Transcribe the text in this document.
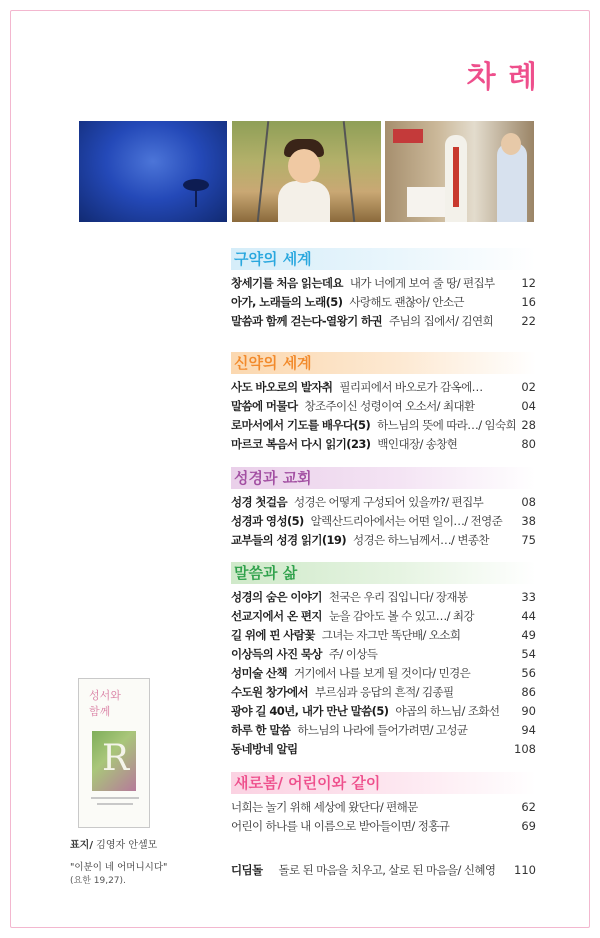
차 례
구약의 세계
창세기를 처음 읽는데요 내가 너에게 보여 줄 땅/ 편집부 12
아가, 노래들의 노래(5) 사랑해도 괜찮아/ 안소근	16
말씀과 함께 걷는다-열왕기 하권 주님의 집에서/ 김연희 22
신약의 세계
사도 바오로의 발자취 필리피에서 바오로가 감옥에…	02
말씀에 머물다 창조주이신 성령이여 오소서/ 최대환	04
로마서에서 기도를 배우다(5) 하느님의 뜻에 따라…/ 임숙희 28
마르코 복음서 다시 읽기(23) 백인대장/ 송창현	80
성경과 교회
성경 첫걸음 성경은 어떻게 구성되어 있을까?/ 편집부	08
성경과 영성(5) 알렉산드리아에서는 어떤 일이…/ 전영준 38
교부들의 성경 읽기(19) 성경은 하느님께서…/ 변종찬	75
말씀과 삶
성경의 숨은 이야기 천국은 우리 집입니다/ 장재봉	33
선교지에서 온 편지 눈을 감아도 볼 수 있고…/ 최강	44
길 위에 핀 사람꽃 그녀는 자그만 똑단배/ 오소희	49
이상득의 사진 묵상 주/ 이상득	54
성미술 산책 거기에서 나를 보게 될 것이다/ 민경은	56
수도원 창가에서 부르심과 응답의 흔적/ 김종필	86
광야 길 40년, 내가 만난 말씀(5) 야곱의 하느님/ 조화선 90
하루 한 말씀 하느님의 나라에 들어가려면/ 고성균	94
동네방네 알림	108
새로봄/ 어린이와 같이
너희는 놀기 위해 세상에 왔단다/ 편해문	62
어린이 하나를 내 이름으로 받아들이면/ 정홍규	69
디딤돌 돌로 된 마음을 치우고, 살로 된 마음을/ 신혜영 110
성서와
함께
R
표지/ 김영자 안셀모
"이분이 네 어머니시다"
(요한 19,27).
